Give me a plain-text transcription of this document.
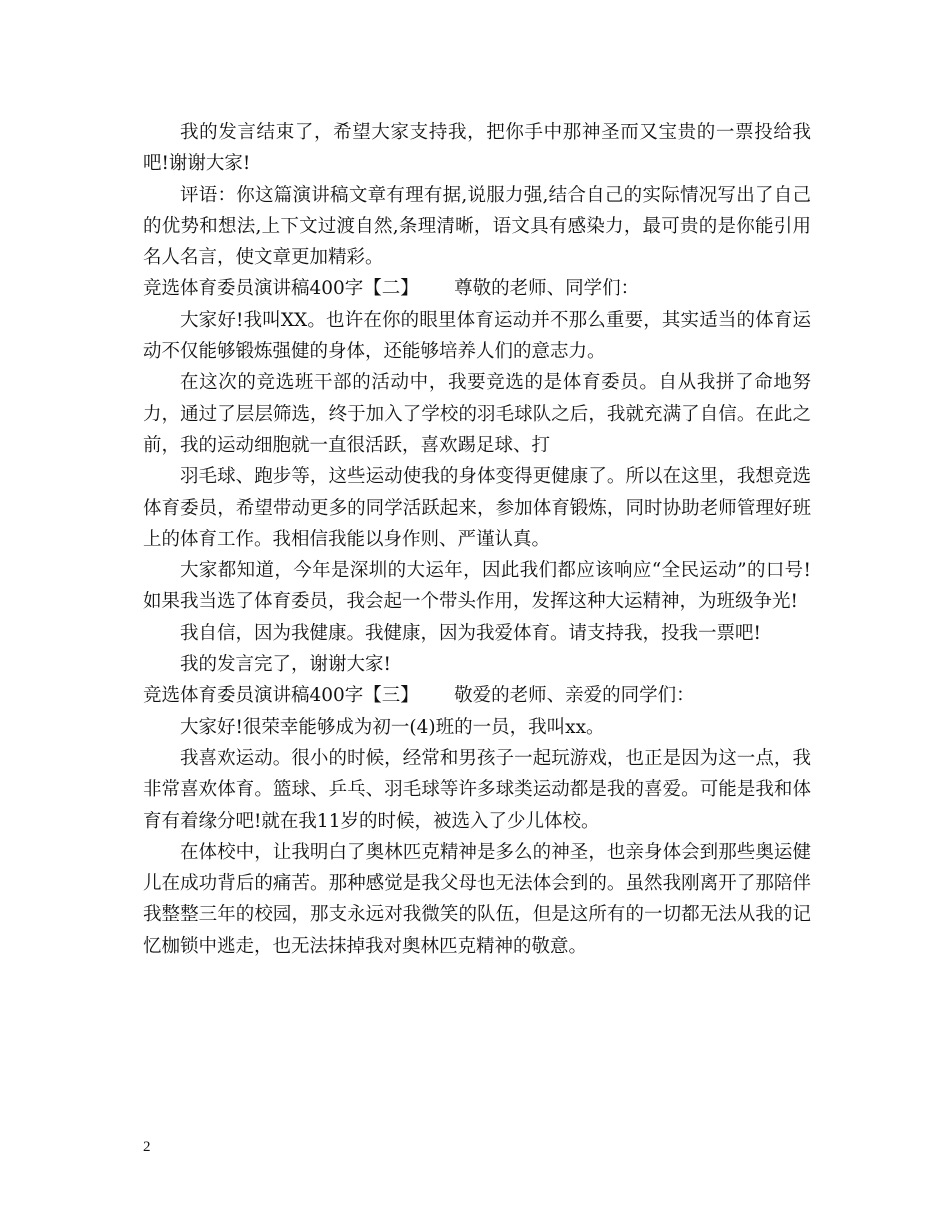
我的发言结束了，希望大家支持我，把你手中那神圣而又宝贵的一票投给我吧!谢谢大家!

评语：你这篇演讲稿文章有理有据,说服力强,结合自己的实际情况写出了自己的优势和想法,上下文过渡自然,条理清晰，语文具有感染力，最可贵的是你能引用名人名言，使文章更加精彩。

竞选体育委员演讲稿400字【二】      尊敬的老师、同学们：

大家好!我叫XX。也许在你的眼里体育运动并不那么重要，其实适当的体育运动不仅能够锻炼强健的身体，还能够培养人们的意志力。

在这次的竞选班干部的活动中，我要竞选的是体育委员。自从我拼了命地努力，通过了层层筛选，终于加入了学校的羽毛球队之后，我就充满了自信。在此之前，我的运动细胞就一直很活跃，喜欢踢足球、打

羽毛球、跑步等，这些运动使我的身体变得更健康了。所以在这里，我想竞选体育委员，希望带动更多的同学活跃起来，参加体育锻炼，同时协助老师管理好班上的体育工作。我相信我能以身作则、严谨认真。

大家都知道，今年是深圳的大运年，因此我们都应该响应“全民运动”的口号!如果我当选了体育委员，我会起一个带头作用，发挥这种大运精神，为班级争光!

我自信，因为我健康。我健康，因为我爱体育。请支持我，投我一票吧!

我的发言完了，谢谢大家!

竞选体育委员演讲稿400字【三】      敬爱的老师、亲爱的同学们：

大家好!很荣幸能够成为初一(4)班的一员，我叫xx。

我喜欢运动。很小的时候，经常和男孩子一起玩游戏，也正是因为这一点，我非常喜欢体育。篮球、乒乓、羽毛球等许多球类运动都是我的喜爱。可能是我和体育有着缘分吧!就在我11岁的时候，被选入了少儿体校。

在体校中，让我明白了奥林匹克精神是多么的神圣，也亲身体会到那些奥运健儿在成功背后的痛苦。那种感觉是我父母也无法体会到的。虽然我刚离开了那陪伴我整整三年的校园，那支永远对我微笑的队伍，但是这所有的一切都无法从我的记忆枷锁中逃走，也无法抹掉我对奥林匹克精神的敬意。

2
